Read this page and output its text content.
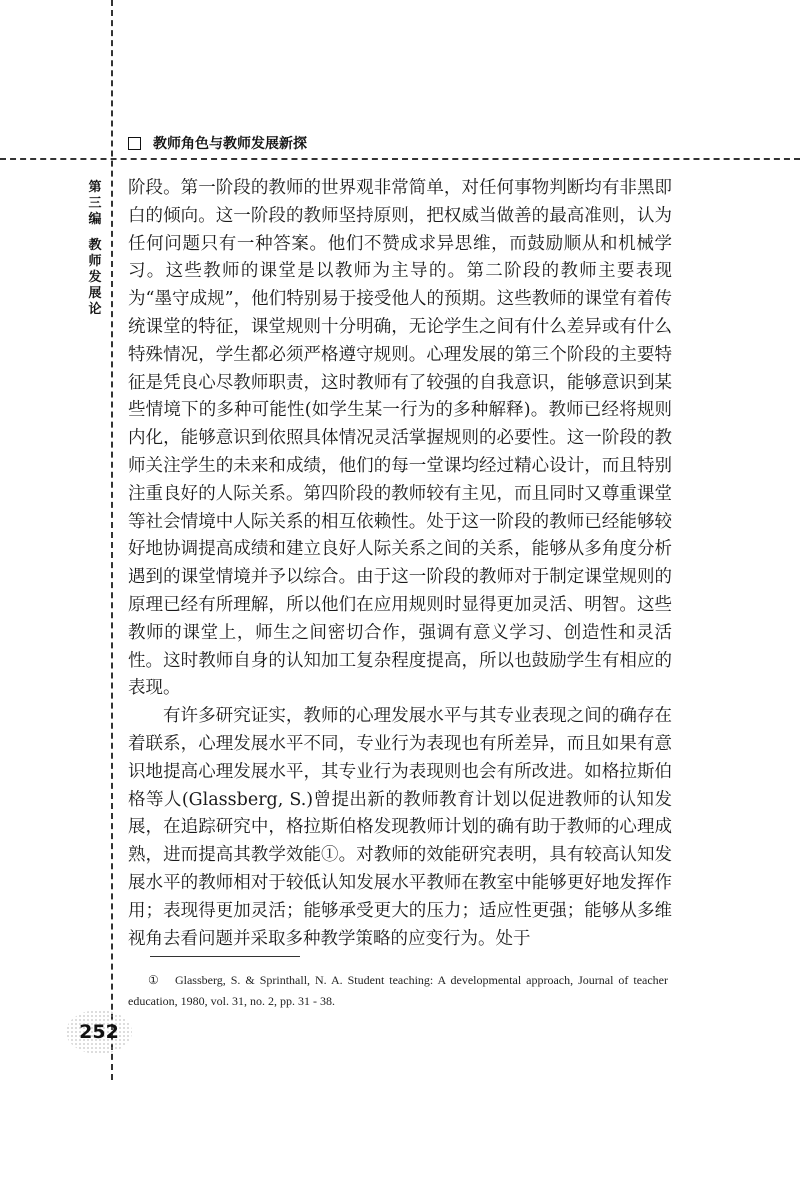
教师角色与教师发展新探
第三编
教师发展论

阶段。第一阶段的教师的世界观非常简单，对任何事物判断均有非黑即白的倾向。这一阶段的教师坚持原则，把权威当做善的最高准则，认为任何问题只有一种答案。他们不赞成求异思维，而鼓励顺从和机械学习。这些教师的课堂是以教师为主导的。第二阶段的教师主要表现为“墨守成规”，他们特别易于接受他人的预期。这些教师的课堂有着传统课堂的特征，课堂规则十分明确，无论学生之间有什么差异或有什么特殊情况，学生都必须严格遵守规则。心理发展的第三个阶段的主要特征是凭良心尽教师职责，这时教师有了较强的自我意识，能够意识到某些情境下的多种可能性(如学生某一行为的多种解释)。教师已经将规则内化，能够意识到依照具体情况灵活掌握规则的必要性。这一阶段的教师关注学生的未来和成绩，他们的每一堂课均经过精心设计，而且特别注重良好的人际关系。第四阶段的教师较有主见，而且同时又尊重课堂等社会情境中人际关系的相互依赖性。处于这一阶段的教师已经能够较好地协调提高成绩和建立良好人际关系之间的关系，能够从多角度分析遇到的课堂情境并予以综合。由于这一阶段的教师对于制定课堂规则的原理已经有所理解，所以他们在应用规则时显得更加灵活、明智。这些教师的课堂上，师生之间密切合作，强调有意义学习、创造性和灵活性。这时教师自身的认知加工复杂程度提高，所以也鼓励学生有相应的表现。

有许多研究证实，教师的心理发展水平与其专业表现之间的确存在着联系，心理发展水平不同，专业行为表现也有所差异，而且如果有意识地提高心理发展水平，其专业行为表现则也会有所改进。如格拉斯伯格等人(Glassberg, S.)曾提出新的教师教育计划以促进教师的认知发展，在追踪研究中，格拉斯伯格发现教师计划的确有助于教师的心理成熟，进而提高其教学效能①。对教师的效能研究表明，具有较高认知发展水平的教师相对于较低认知发展水平教师在教室中能够更好地发挥作用；表现得更加灵活；能够承受更大的压力；适应性更强；能够从多维视角去看问题并采取多种教学策略的应变行为。处于

① Glassberg, S. & Sprinthall, N. A. Student teaching: A developmental approach, Journal of teacher education, 1980, vol. 31, no. 2, pp. 31 - 38.
252
